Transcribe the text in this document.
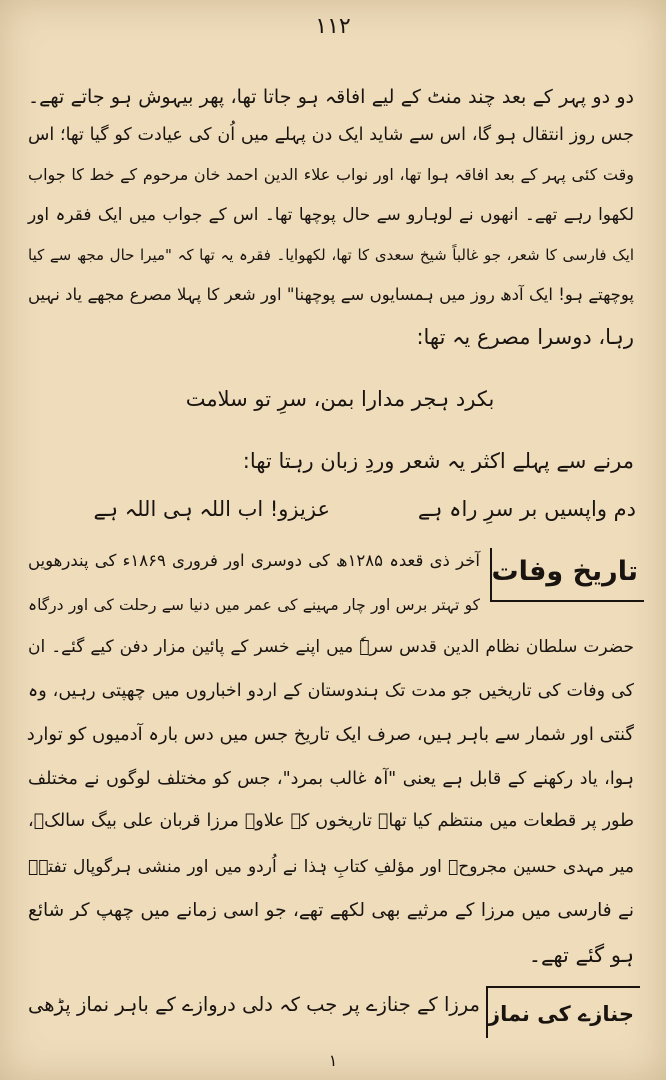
۱۱۲
دو دو پہر کے بعد چند منٹ کے لیے افاقہ ہو جاتا تھا، پھر بیہوش ہو جاتے تھے۔
جس روز انتقال ہو گا، اس سے شاید ایک دن پہلے میں اُن کی عیادت کو گیا تھا؛ اس
وقت کئی پہر کے بعد افاقہ ہوا تھا، اور نواب علاء الدین احمد خان مرحوم کے خط کا جواب
لکھوا رہے تھے۔ انھوں نے لوہارو سے حال پوچھا تھا۔ اس کے جواب میں ایک فقرہ اور
ایک فارسی کا شعر، جو غالباً شیخ سعدی کا تھا، لکھوایا۔ فقرہ یہ تھا کہ "میرا حال مجھ سے کیا
پوچھتے ہو! ایک آدھ روز میں ہمسایوں سے پوچھنا" اور شعر کا پہلا مصرع مجھے یاد نہیں
رہا، دوسرا مصرع یہ تھا:
بکرد ہجر مدارا بمن، سرِ تو سلامت
مرنے سے پہلے اکثر یہ شعر وردِ زبان رہتا تھا:
دم واپسیں بر سرِ راہ ہے
عزیزو! اب اللہ ہی اللہ ہے
تاریخ وفات
آخر ذی قعدہ ۱۲۸۵ھ کی دوسری اور فروری ۱۸۶۹ء کی پندرھویں
کو تہتر برس اور چار مہینے کی عمر میں دنیا سے رحلت کی اور درگاہ
حضرت سلطان نظام الدین قدس سرہٗ میں اپنے خسر کے پائین مزار دفن کیے گئے۔ ان
کی وفات کی تاریخیں جو مدت تک ہندوستان کے اردو اخباروں میں چھپتی رہیں، وہ
گنتی اور شمار سے باہر ہیں، صرف ایک تاریخ جس میں دس بارہ آدمیوں کو توارد
ہوا، یاد رکھنے کے قابل ہے یعنی "آہ غالب بمرد"، جس کو مختلف لوگوں نے مختلف
طور پر قطعات میں منتظم کیا تھا۔ تاریخوں کے علاوہ مرزا قربان علی بیگ سالکؔ،
میر مہدی حسین مجروحؔ اور مؤلفِ کتابِ ہٰذا نے اُردو میں اور منشی ہرگوپال تفتہؔ
نے فارسی میں مرزا کے مرثیے بھی لکھے تھے، جو اسی زمانے میں چھپ کر شائع
ہو گئے تھے۔
جنازے کی نماز
مرزا کے جنازے پر جب کہ دلی دروازے کے باہر نماز پڑھی
۱
